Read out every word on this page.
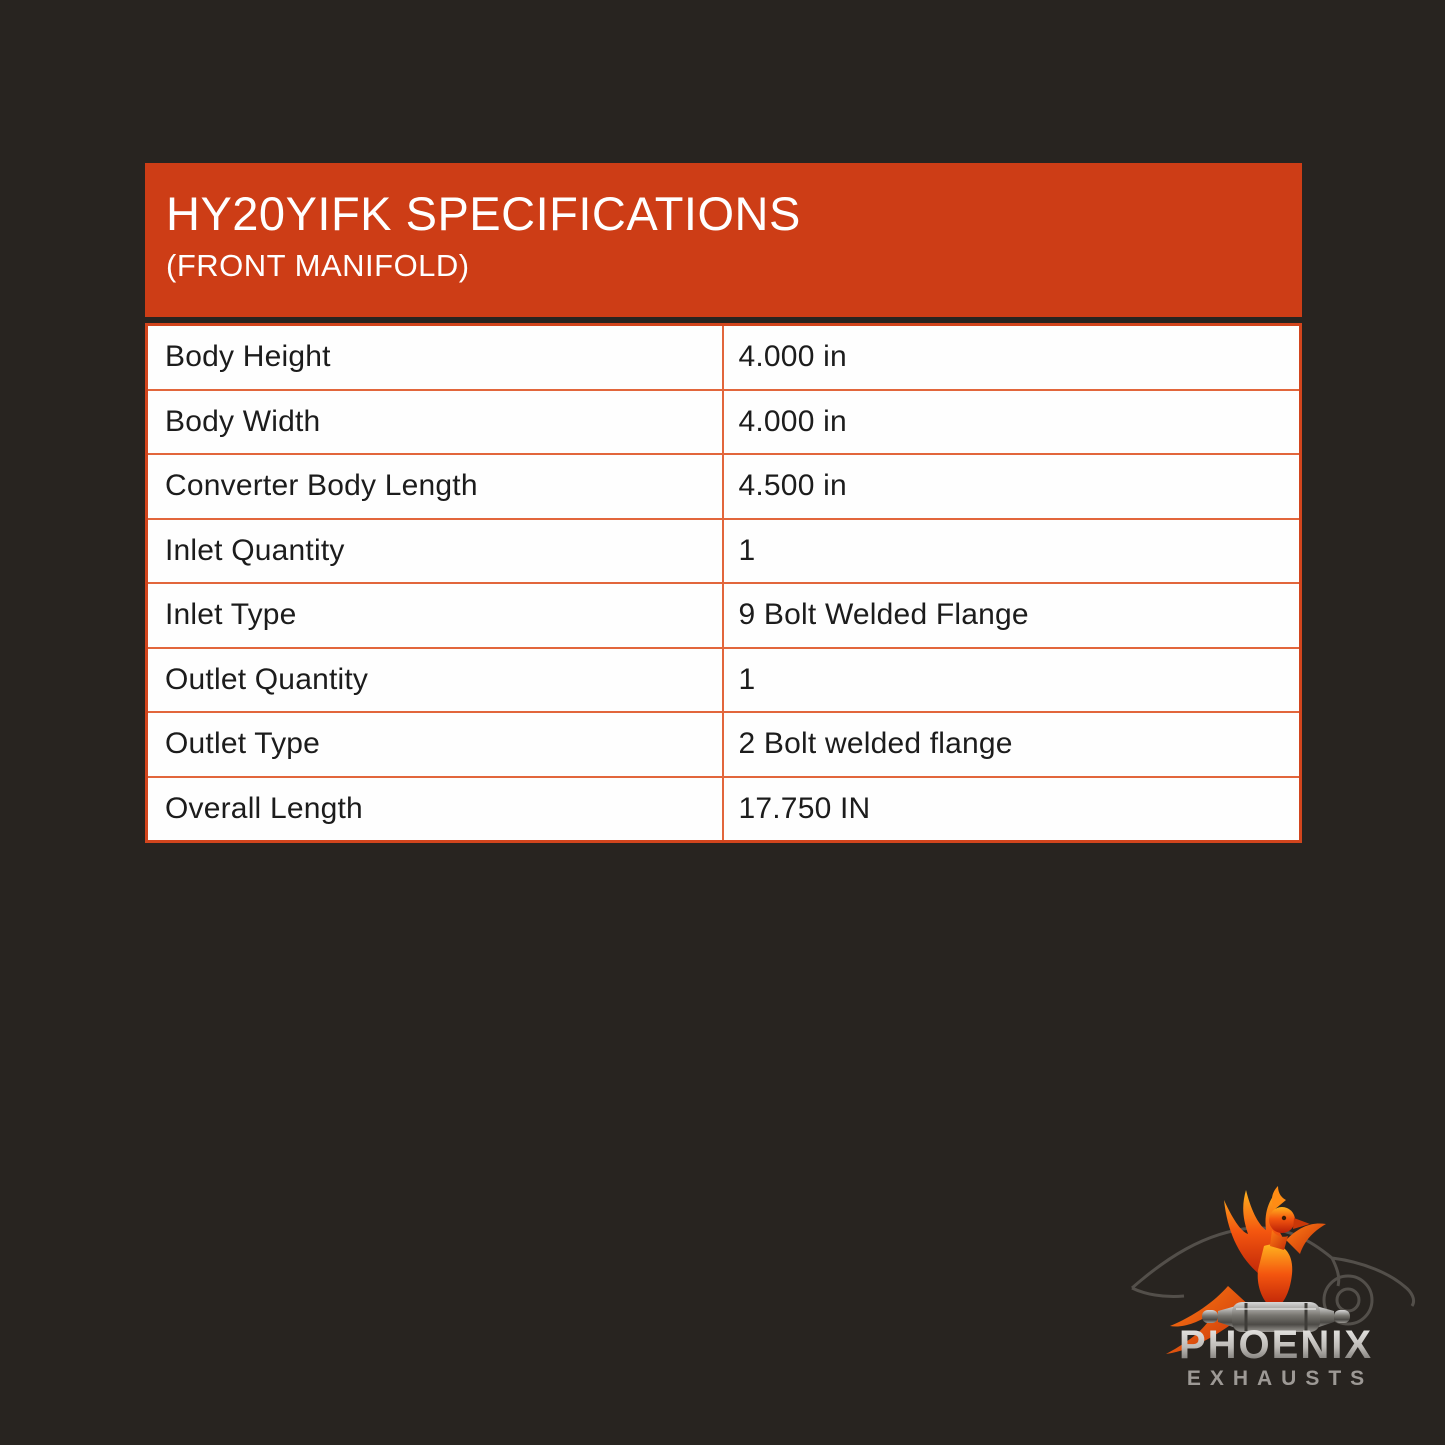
HY20YIFK SPECIFICATIONS
(FRONT MANIFOLD)
Body Height	4.000 in
Body Width	4.000 in
Converter Body Length	4.500 in
Inlet Quantity	1
Inlet Type	9 Bolt Welded Flange
Outlet Quantity	1
Outlet Type	2 Bolt welded flange
Overall Length	17.750 IN
PHOENIX
EXHAUSTS
